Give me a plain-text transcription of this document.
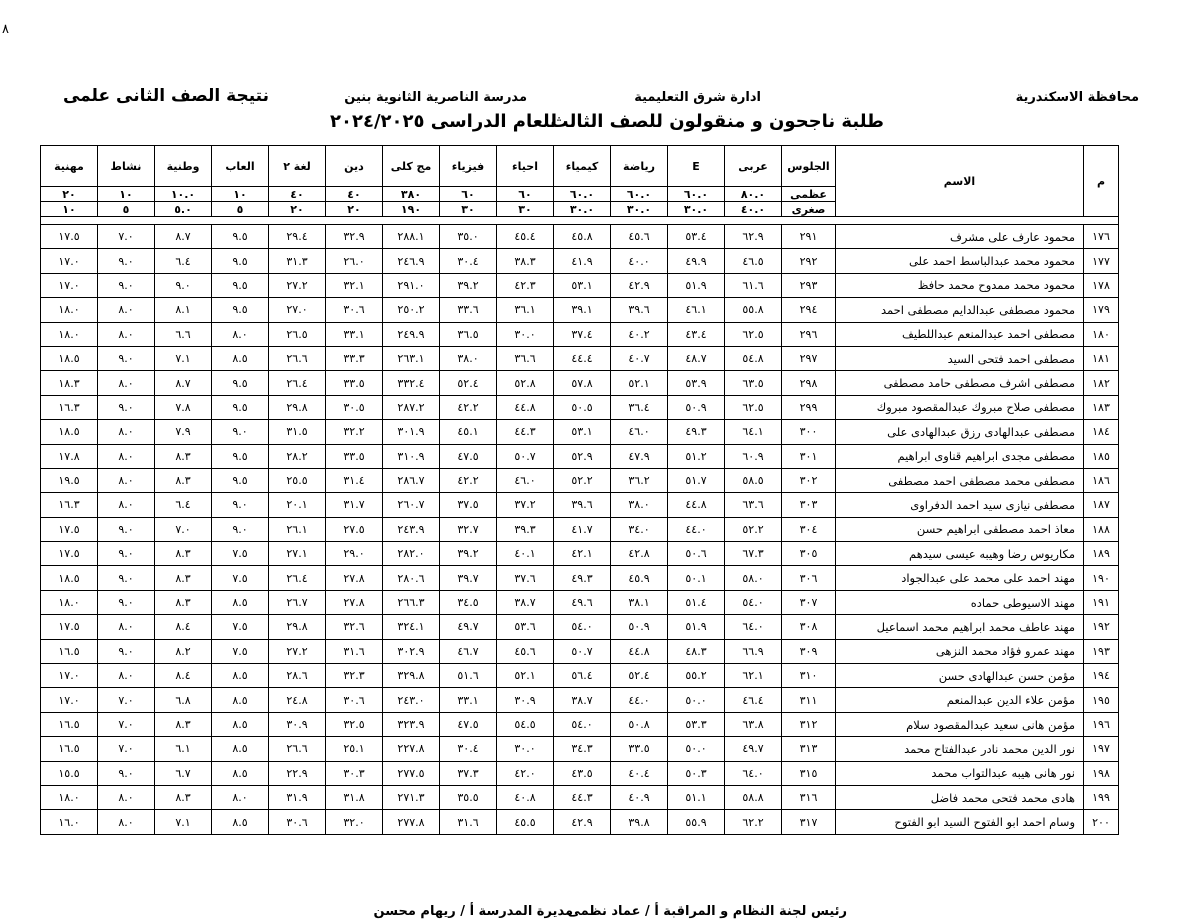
٨
محافظة الاسكندرية
ادارة شرق التعليمية
مدرسة الناصرية الثانوية بنين
نتيجة الصف الثانى علمى
طلبة ناجحون و منقولون للصف الثالث
للعام الدراسى ٢٠٢٤/٢٠٢٥
م	الاسم	الجلوس	عربى	E	رياضة	كيمياء	احياء	فيزياء	مج كلى	دين	لغة ٢	العاب	وطنية	نشاط	مهنية
		عظمى	٨٠.٠	٦٠.٠	٦٠.٠	٦٠.٠	٦٠	٦٠	٣٨٠	٤٠	٤٠	١٠	١٠.٠	١٠	٢٠
		صغرى	٤٠.٠	٣٠.٠	٣٠.٠	٣٠.٠	٣٠	٣٠	١٩٠	٢٠	٢٠	٥	٥.٠	٥	١٠

١٧٦	محمود عارف على مشرف	٢٩١	٦٢.٩	٥٣.٤	٤٥.٦	٤٥.٨	٤٥.٤	٣٥.٠	٢٨٨.١	٣٢.٩	٢٩.٤	٩.٥	٨.٧	٧.٠	١٧.٥
١٧٧	محمود محمد عبدالباسط احمد على	٢٩٢	٤٦.٥	٤٩.٩	٤٠.٠	٤١.٩	٣٨.٣	٣٠.٤	٢٤٦.٩	٢٦.٠	٣١.٣	٩.٥	٦.٤	٩.٠	١٧.٠
١٧٨	محمود محمد ممدوح محمد حافظ	٢٩٣	٦١.٦	٥١.٩	٤٢.٩	٥٣.١	٤٢.٣	٣٩.٢	٢٩١.٠	٣٢.١	٢٧.٢	٩.٥	٩.٠	٩.٠	١٧.٠
١٧٩	محمود مصطفى عبدالدايم مصطفى احمد	٢٩٤	٥٥.٨	٤٦.١	٣٩.٦	٣٩.١	٣٦.١	٣٣.٦	٢٥٠.٢	٣٠.٦	٢٧.٠	٩.٥	٨.١	٨.٠	١٨.٠
١٨٠	مصطفى احمد عبدالمنعم عبداللطيف	٢٩٦	٦٢.٥	٤٣.٤	٤٠.٢	٣٧.٤	٣٠.٠	٣٦.٥	٢٤٩.٩	٣٣.١	٢٦.٥	٨.٠	٦.٦	٨.٠	١٨.٠
١٨١	مصطفى احمد فتحى السيد	٢٩٧	٥٤.٨	٤٨.٧	٤٠.٧	٤٤.٤	٣٦.٦	٣٨.٠	٢٦٣.١	٣٣.٣	٢٦.٦	٨.٥	٧.١	٩.٠	١٨.٥
١٨٢	مصطفى اشرف مصطفى حامد مصطفى	٢٩٨	٦٣.٥	٥٣.٩	٥٢.١	٥٧.٨	٥٢.٨	٥٢.٤	٣٣٢.٤	٣٣.٥	٢٦.٤	٩.٥	٨.٧	٨.٠	١٨.٣
١٨٣	مصطفى صلاح مبروك عبدالمقصود مبروك	٢٩٩	٦٢.٥	٥٠.٩	٣٦.٤	٥٠.٥	٤٤.٨	٤٢.٢	٢٨٧.٢	٣٠.٥	٢٩.٨	٩.٥	٧.٨	٩.٠	١٦.٣
١٨٤	مصطفى عبدالهادى رزق عبدالهادى على	٣٠٠	٦٤.١	٤٩.٣	٤٦.٠	٥٣.١	٤٤.٣	٤٥.١	٣٠١.٩	٣٢.٢	٣١.٥	٩.٠	٧.٩	٨.٠	١٨.٥
١٨٥	مصطفى مجدى ابراهيم قناوى ابراهيم	٣٠١	٦٠.٩	٥١.٢	٤٧.٩	٥٢.٩	٥٠.٧	٤٧.٥	٣١٠.٩	٣٣.٥	٢٨.٢	٩.٥	٨.٣	٨.٠	١٧.٨
١٨٦	مصطفى محمد مصطفى احمد مصطفى	٣٠٢	٥٨.٥	٥١.٧	٣٦.٢	٥٢.٢	٤٦.٠	٤٢.٢	٢٨٦.٧	٣١.٤	٢٥.٥	٩.٥	٨.٣	٨.٠	١٩.٥
١٨٧	مصطفى نيازى سيد احمد الدفراوى	٣٠٣	٦٣.٦	٤٤.٨	٣٨.٠	٣٩.٦	٣٧.٢	٣٧.٥	٢٦٠.٧	٣١.٧	٢٠.١	٩.٠	٦.٤	٨.٠	١٦.٣
١٨٨	معاذ احمد مصطفى ابراهيم حسن	٣٠٤	٥٢.٢	٤٤.٠	٣٤.٠	٤١.٧	٣٩.٣	٣٢.٧	٢٤٣.٩	٢٧.٥	٢٦.١	٩.٠	٧.٠	٩.٠	١٧.٥
١٨٩	مكاريوس رضا وهيبه عيسى سيدهم	٣٠٥	٦٧.٣	٥٠.٦	٤٢.٨	٤٢.١	٤٠.١	٣٩.٢	٢٨٢.٠	٢٩.٠	٢٧.١	٧.٥	٨.٣	٩.٠	١٧.٥
١٩٠	مهند احمد على محمد على عبدالجواد	٣٠٦	٥٨.٠	٥٠.١	٤٥.٩	٤٩.٣	٣٧.٦	٣٩.٧	٢٨٠.٦	٢٧.٨	٢٦.٤	٧.٥	٨.٣	٩.٠	١٨.٥
١٩١	مهند الاسيوطى حماده	٣٠٧	٥٤.٠	٥١.٤	٣٨.١	٤٩.٦	٣٨.٧	٣٤.٥	٢٦٦.٣	٢٧.٨	٢٦.٧	٨.٥	٨.٣	٩.٠	١٨.٠
١٩٢	مهند عاطف محمد ابراهيم محمد اسماعيل	٣٠٨	٦٤.٠	٥١.٩	٥٠.٩	٥٤.٠	٥٣.٦	٤٩.٧	٣٢٤.١	٣٢.٦	٢٩.٨	٧.٥	٨.٤	٨.٠	١٧.٥
١٩٣	مهند عمرو فؤاد محمد النزهى	٣٠٩	٦٦.٩	٤٨.٣	٤٤.٨	٥٠.٧	٤٥.٦	٤٦.٧	٣٠٢.٩	٣١.٦	٢٧.٢	٧.٥	٨.٢	٩.٠	١٦.٥
١٩٤	مؤمن حسن عبدالهادى حسن	٣١٠	٦٢.١	٥٥.٢	٥٢.٤	٥٦.٤	٥٢.١	٥١.٦	٣٢٩.٨	٣٢.٣	٢٨.٦	٨.٥	٨.٤	٨.٠	١٧.٠
١٩٥	مؤمن علاء الدين عبدالمنعم	٣١١	٤٦.٤	٥٠.٠	٤٤.٠	٣٨.٧	٣٠.٩	٣٣.١	٢٤٣.٠	٣٠.٦	٢٤.٨	٨.٥	٦.٨	٧.٠	١٧.٠
١٩٦	مؤمن هانى سعيد عبدالمقصود سلام	٣١٢	٦٣.٨	٥٣.٣	٥٠.٨	٥٤.٠	٥٤.٥	٤٧.٥	٣٢٣.٩	٣٢.٥	٣٠.٩	٨.٥	٨.٣	٧.٠	١٦.٥
١٩٧	نور الدين محمد نادر عبدالفتاح محمد	٣١٣	٤٩.٧	٥٠.٠	٣٣.٥	٣٤.٣	٣٠.٠	٣٠.٤	٢٢٧.٨	٢٥.١	٢٦.٦	٨.٥	٦.١	٧.٠	١٦.٥
١٩٨	نور هانى هيبه عبدالتواب محمد	٣١٥	٦٤.٠	٥٠.٣	٤٠.٤	٤٣.٥	٤٢.٠	٣٧.٣	٢٧٧.٥	٣٠.٣	٢٢.٩	٨.٥	٦.٧	٩.٠	١٥.٥
١٩٩	هادى محمد فتحى محمد فاضل	٣١٦	٥٨.٨	٥١.١	٤٠.٩	٤٤.٣	٤٠.٨	٣٥.٥	٢٧١.٣	٣١.٨	٣١.٩	٨.٠	٨.٣	٨.٠	١٨.٠
٢٠٠	وسام احمد ابو الفتوح السيد ابو الفتوح	٣١٧	٦٢.٢	٥٥.٩	٣٩.٨	٤٢.٩	٤٥.٥	٣١.٦	٢٧٧.٨	٣٢.٠	٣٠.٦	٨.٥	٧.١	٨.٠	١٦.٠
رئيس لجنة النظام و المراقبة أ / عماد نظمى
مديرة المدرسة أ / ريهام محسن
